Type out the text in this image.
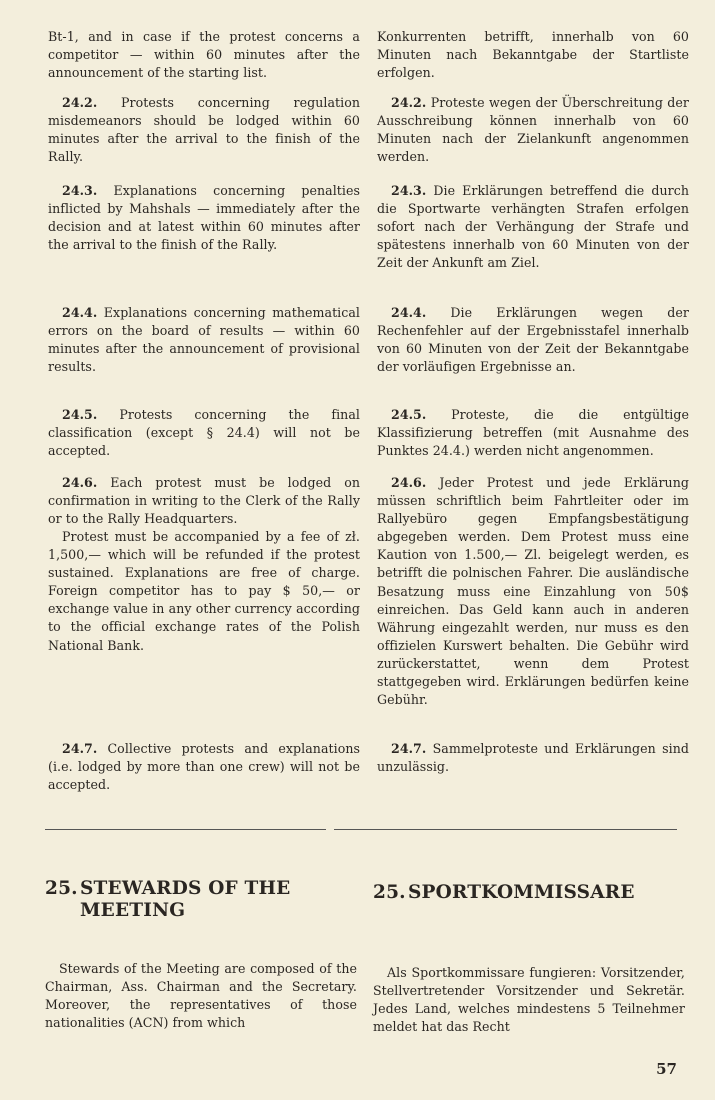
Bt-1, and in case if the protest concerns a competitor — within 60 minutes after the announcement of the starting list.

24.2. Protests concerning regulation misdemeanors should be lodged within 60 minutes after the arrival to the finish of the Rally.

24.3. Explanations concerning penalties inflicted by Mahshals — immediately after the decision and at latest within 60 minutes after the arrival to the finish of the Rally.

24.4. Explanations concerning mathematical errors on the board of results — within 60 minutes after the announcement of provisional results.

24.5. Protests concerning the final classification (except § 24.4) will not be accepted.

24.6. Each protest must be lodged on confirmation in writing to the Clerk of the Rally or to the Rally Headquarters.

Protest must be accompanied by a fee of zł. 1,500,— which will be refunded if the protest sustained. Explanations are free of charge. Foreign competitor has to pay $ 50,— or exchange value in any other currency according to the official exchange rates of the Polish National Bank.

24.7. Collective protests and explanations (i.e. lodged by more than one crew) will not be accepted.

Konkurrenten betrifft, innerhalb von 60 Minuten nach Bekanntgabe der Startliste erfolgen.

24.2. Proteste wegen der Überschreitung der Ausschreibung können innerhalb von 60 Minuten nach der Zielankunft angenommen werden.

24.3. Die Erklärungen betreffend die durch die Sportwarte verhängten Strafen erfolgen sofort nach der Verhängung der Strafe und spätestens innerhalb von 60 Minuten von der Zeit der Ankunft am Ziel.

24.4. Die Erklärungen wegen der Rechenfehler auf der Ergebnisstafel innerhalb von 60 Minuten von der Zeit der Bekanntgabe der vorläufigen Ergebnisse an.

24.5. Proteste, die die entgültige Klassifizierung betreffen (mit Ausnahme des Punktes 24.4.) werden nicht angenommen.

24.6. Jeder Protest und jede Erklärung müssen schriftlich beim Fahrtleiter oder im Rallyebüro gegen Empfangsbestätigung abgegeben werden. Dem Protest muss eine Kaution von 1.500,— Zl. beigelegt werden, es betrifft die polnischen Fahrer. Die ausländische Besatzung muss eine Einzahlung von 50$ einreichen. Das Geld kann auch in anderen Währung eingezahlt werden, nur muss es den offizielen Kurswert behalten. Die Gebühr wird zurückerstattet, wenn dem Protest stattgegeben wird. Erklärungen bedürfen keine Gebühr.

24.7. Sammelproteste und Erklärungen sind unzulässig.

25. STEWARDS OF THE
MEETING
25. SPORTKOMMISSARE

Stewards of the Meeting are composed of the Chairman, Ass. Chairman and the Secretary. Moreover, the representatives of those nationalities (ACN) from which

Als Sportkommissare fungieren: Vorsitzender, Stellvertretender Vorsitzender und Sekretär. Jedes Land, welches mindestens 5 Teilnehmer meldet hat das Recht

57
